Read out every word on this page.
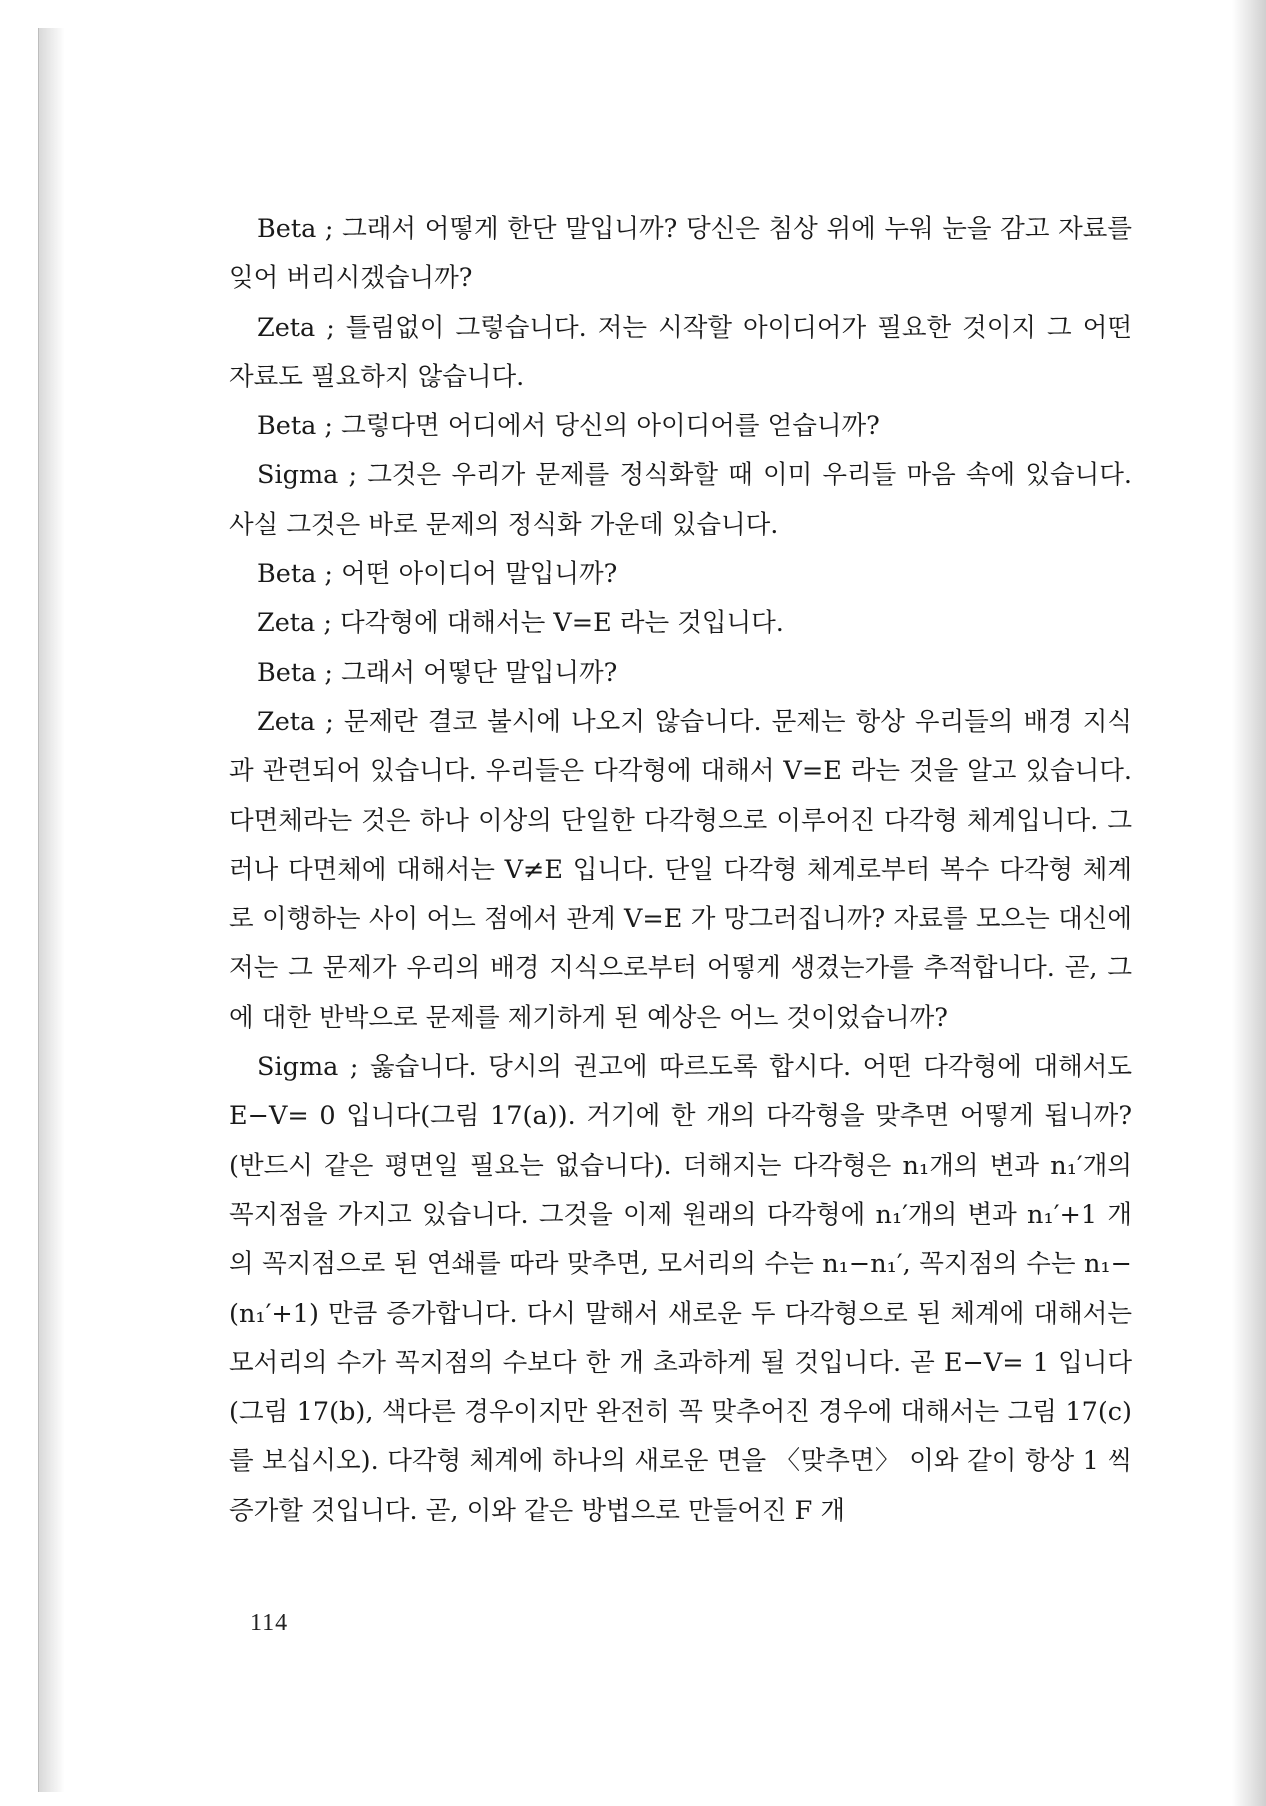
Beta ; 그래서 어떻게 한단 말입니까? 당신은 침상 위에 누워 눈을 감고 자료를 잊어 버리시겠습니까?

Zeta ; 틀림없이 그렇습니다. 저는 시작할 아이디어가 필요한 것이지 그 어떤 자료도 필요하지 않습니다.

Beta ; 그렇다면 어디에서 당신의 아이디어를 얻습니까?

Sigma ; 그것은 우리가 문제를 정식화할 때 이미 우리들 마음 속에 있습니다. 사실 그것은 바로 문제의 정식화 가운데 있습니다.

Beta ; 어떤 아이디어 말입니까?

Zeta ; 다각형에 대해서는 V=E 라는 것입니다.

Beta ; 그래서 어떻단 말입니까?

Zeta ; 문제란 결코 불시에 나오지 않습니다. 문제는 항상 우리들의 배경 지식과 관련되어 있습니다. 우리들은 다각형에 대해서 V=E 라는 것을 알고 있습니다. 다면체라는 것은 하나 이상의 단일한 다각형으로 이루어진 다각형 체계입니다. 그러나 다면체에 대해서는 V≠E 입니다. 단일 다각형 체계로부터 복수 다각형 체계로 이행하는 사이 어느 점에서 관계 V=E 가 망그러집니까? 자료를 모으는 대신에 저는 그 문제가 우리의 배경 지식으로부터 어떻게 생겼는가를 추적합니다. 곧, 그에 대한 반박으로 문제를 제기하게 된 예상은 어느 것이었습니까?

Sigma ; 옳습니다. 당시의 권고에 따르도록 합시다. 어떤 다각형에 대해서도 E−V= 0 입니다(그림 17(a)). 거기에 한 개의 다각형을 맞추면 어떻게 됩니까? (반드시 같은 평면일 필요는 없습니다). 더해지는 다각형은 n₁개의 변과 n₁′개의 꼭지점을 가지고 있습니다. 그것을 이제 원래의 다각형에 n₁′개의 변과 n₁′+1 개의 꼭지점으로 된 연쇄를 따라 맞추면, 모서리의 수는 n₁−n₁′, 꼭지점의 수는 n₁−(n₁′+1) 만큼 증가합니다. 다시 말해서 새로운 두 다각형으로 된 체계에 대해서는 모서리의 수가 꼭지점의 수보다 한 개 초과하게 될 것입니다. 곧 E−V= 1 입니다(그림 17(b), 색다른 경우이지만 완전히 꼭 맞추어진 경우에 대해서는 그림 17(c)를 보십시오). 다각형 체계에 하나의 새로운 면을 〈맞추면〉 이와 같이 항상 1 씩 증가할 것입니다. 곧, 이와 같은 방법으로 만들어진 F 개

114
